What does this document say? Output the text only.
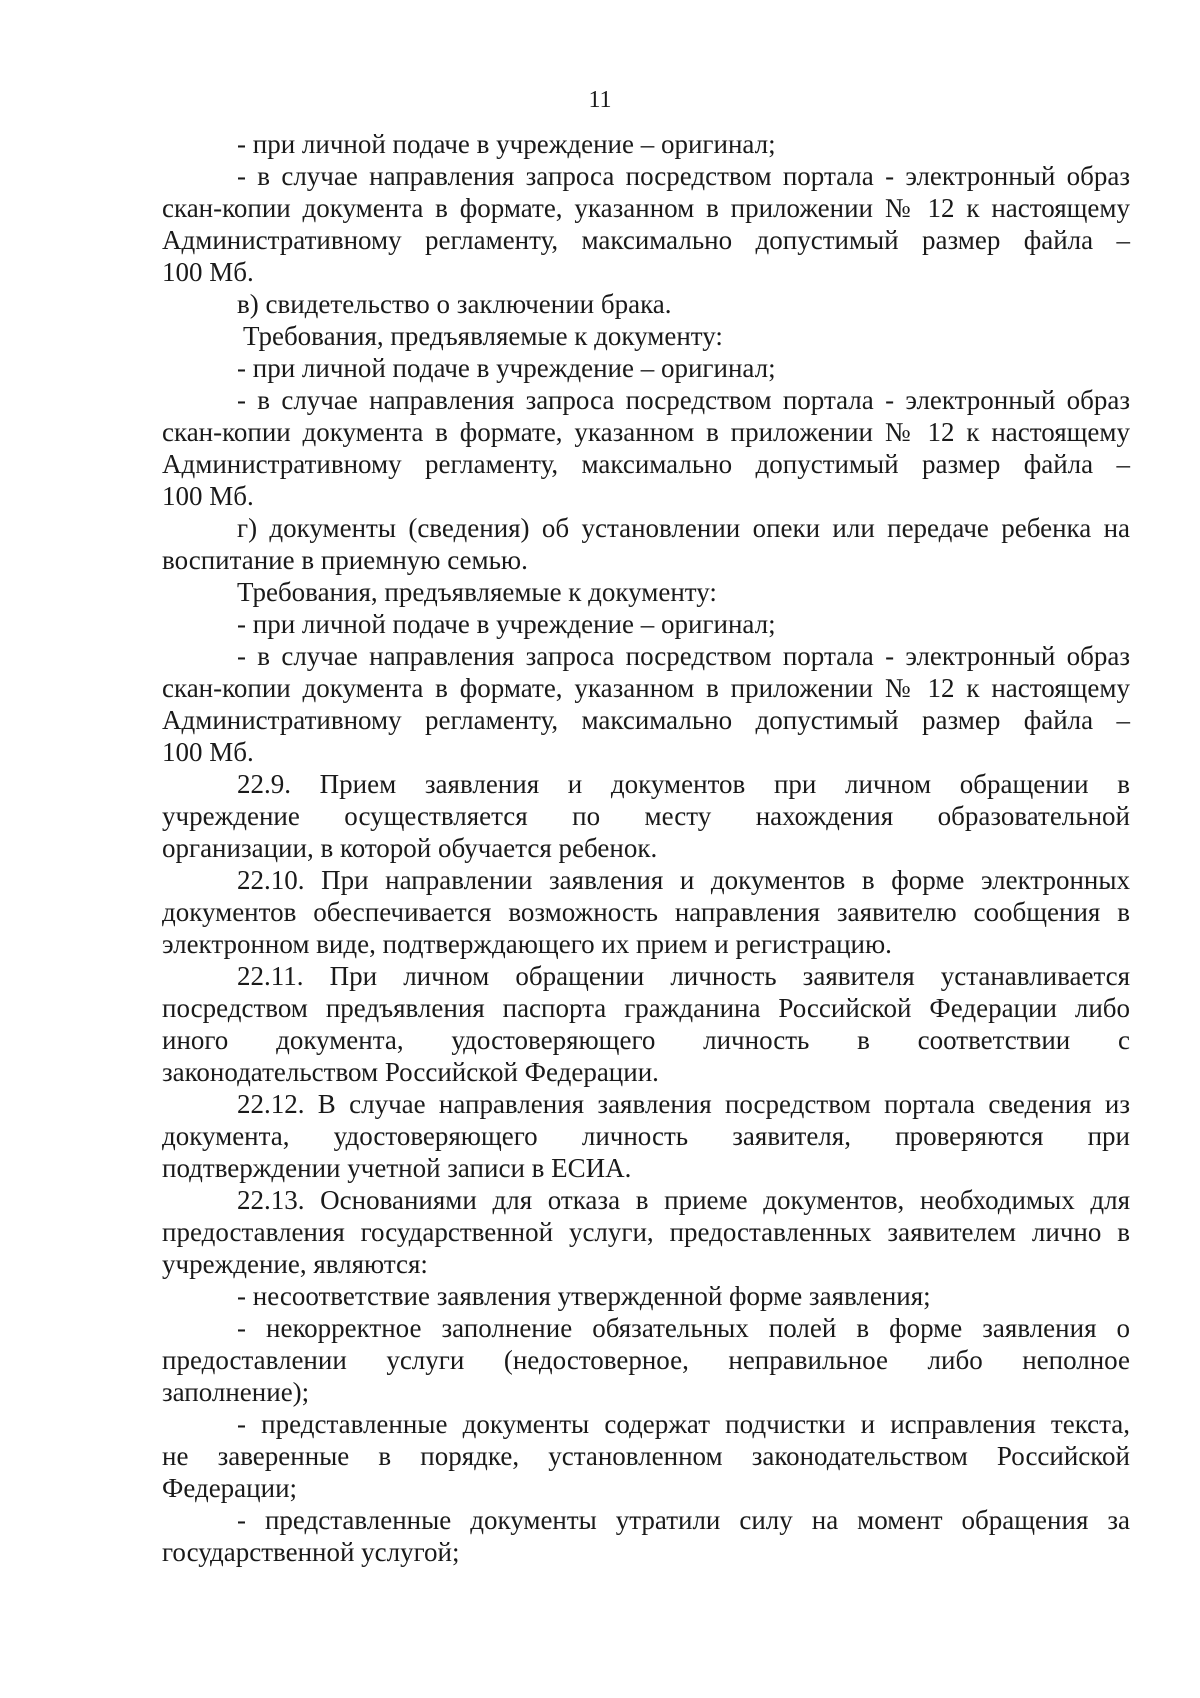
11
- при личной подаче в учреждение – оригинал;
- в случае направления запроса посредством портала - электронный образ
скан-копии документа в формате, указанном в приложении № 12 к настоящему
Административному регламенту, максимально допустимый размер файла –
100 Мб.
в) свидетельство о заключении брака.
Требования, предъявляемые к документу:
- при личной подаче в учреждение – оригинал;
- в случае направления запроса посредством портала - электронный образ
скан-копии документа в формате, указанном в приложении № 12 к настоящему
Административному регламенту, максимально допустимый размер файла –
100 Мб.
г) документы (сведения) об установлении опеки или передаче ребенка на
воспитание в приемную семью.
Требования, предъявляемые к документу:
- при личной подаче в учреждение – оригинал;
- в случае направления запроса посредством портала - электронный образ
скан-копии документа в формате, указанном в приложении № 12 к настоящему
Административному регламенту, максимально допустимый размер файла –
100 Мб.
22.9. Прием заявления и документов при личном обращении в
учреждение осуществляется по месту нахождения образовательной
организации, в которой обучается ребенок.
22.10. При направлении заявления и документов в форме электронных
документов обеспечивается возможность направления заявителю сообщения в
электронном виде, подтверждающего их прием и регистрацию.
22.11. При личном обращении личность заявителя устанавливается
посредством предъявления паспорта гражданина Российской Федерации либо
иного документа, удостоверяющего личность в соответствии с
законодательством Российской Федерации.
22.12. В случае направления заявления посредством портала сведения из
документа, удостоверяющего личность заявителя, проверяются при
подтверждении учетной записи в ЕСИА.
22.13. Основаниями для отказа в приеме документов, необходимых для
предоставления государственной услуги, предоставленных заявителем лично в
учреждение, являются:
- несоответствие заявления утвержденной форме заявления;
- некорректное заполнение обязательных полей в форме заявления о
предоставлении услуги (недостоверное, неправильное либо неполное
заполнение);
- представленные документы содержат подчистки и исправления текста,
не заверенные в порядке, установленном законодательством Российской
Федерации;
- представленные документы утратили силу на момент обращения за
государственной услугой;
